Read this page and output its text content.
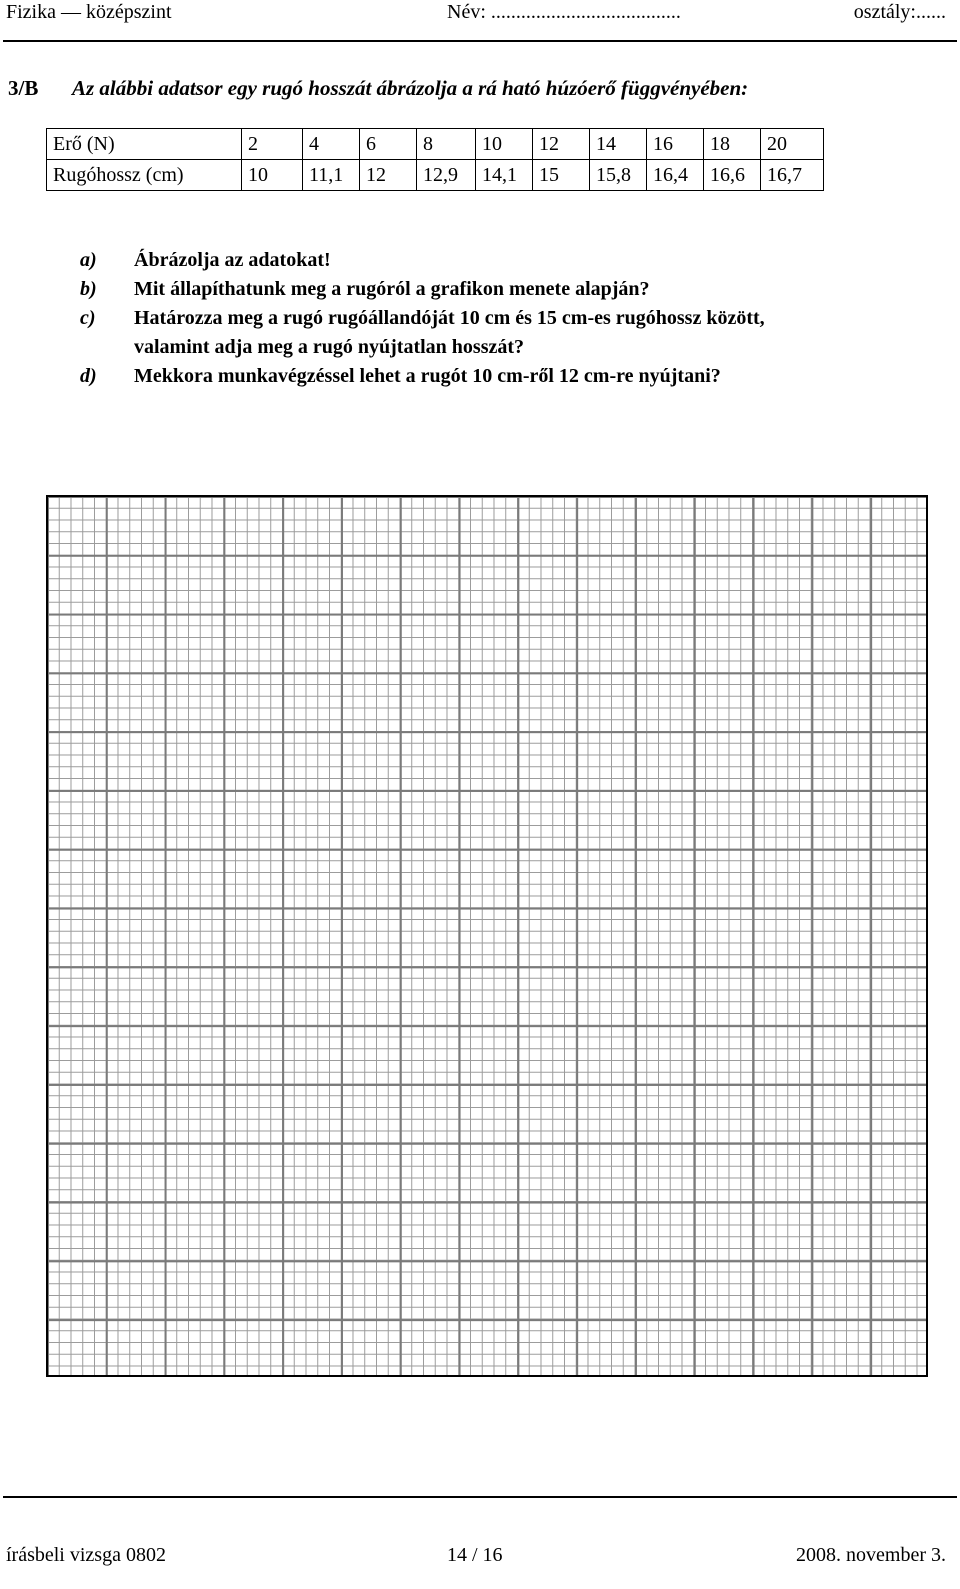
Fizika — középszint	Név: ......................................	osztály:......
3/B Az alábbi adatsor egy rugó hosszát ábrázolja a rá ható húzóerő függvényében:
Erő (N)	2	4	6	8	10	12	14	16	18	20
Rugóhossz (cm)	10	11,1	12	12,9	14,1	15	15,8	16,4	16,6	16,7
a) Ábrázolja az adatokat!
b) Mit állapíthatunk meg a rugóról a grafikon menete alapján?
c) Határozza meg a rugó rugóállandóját 10 cm és 15 cm-es rugóhossz között,
valamint adja meg a rugó nyújtatlan hosszát?
d) Mekkora munkavégzéssel lehet a rugót 10 cm-ről 12 cm-re nyújtani?
írásbeli vizsga 0802	14 / 16	2008. november 3.
